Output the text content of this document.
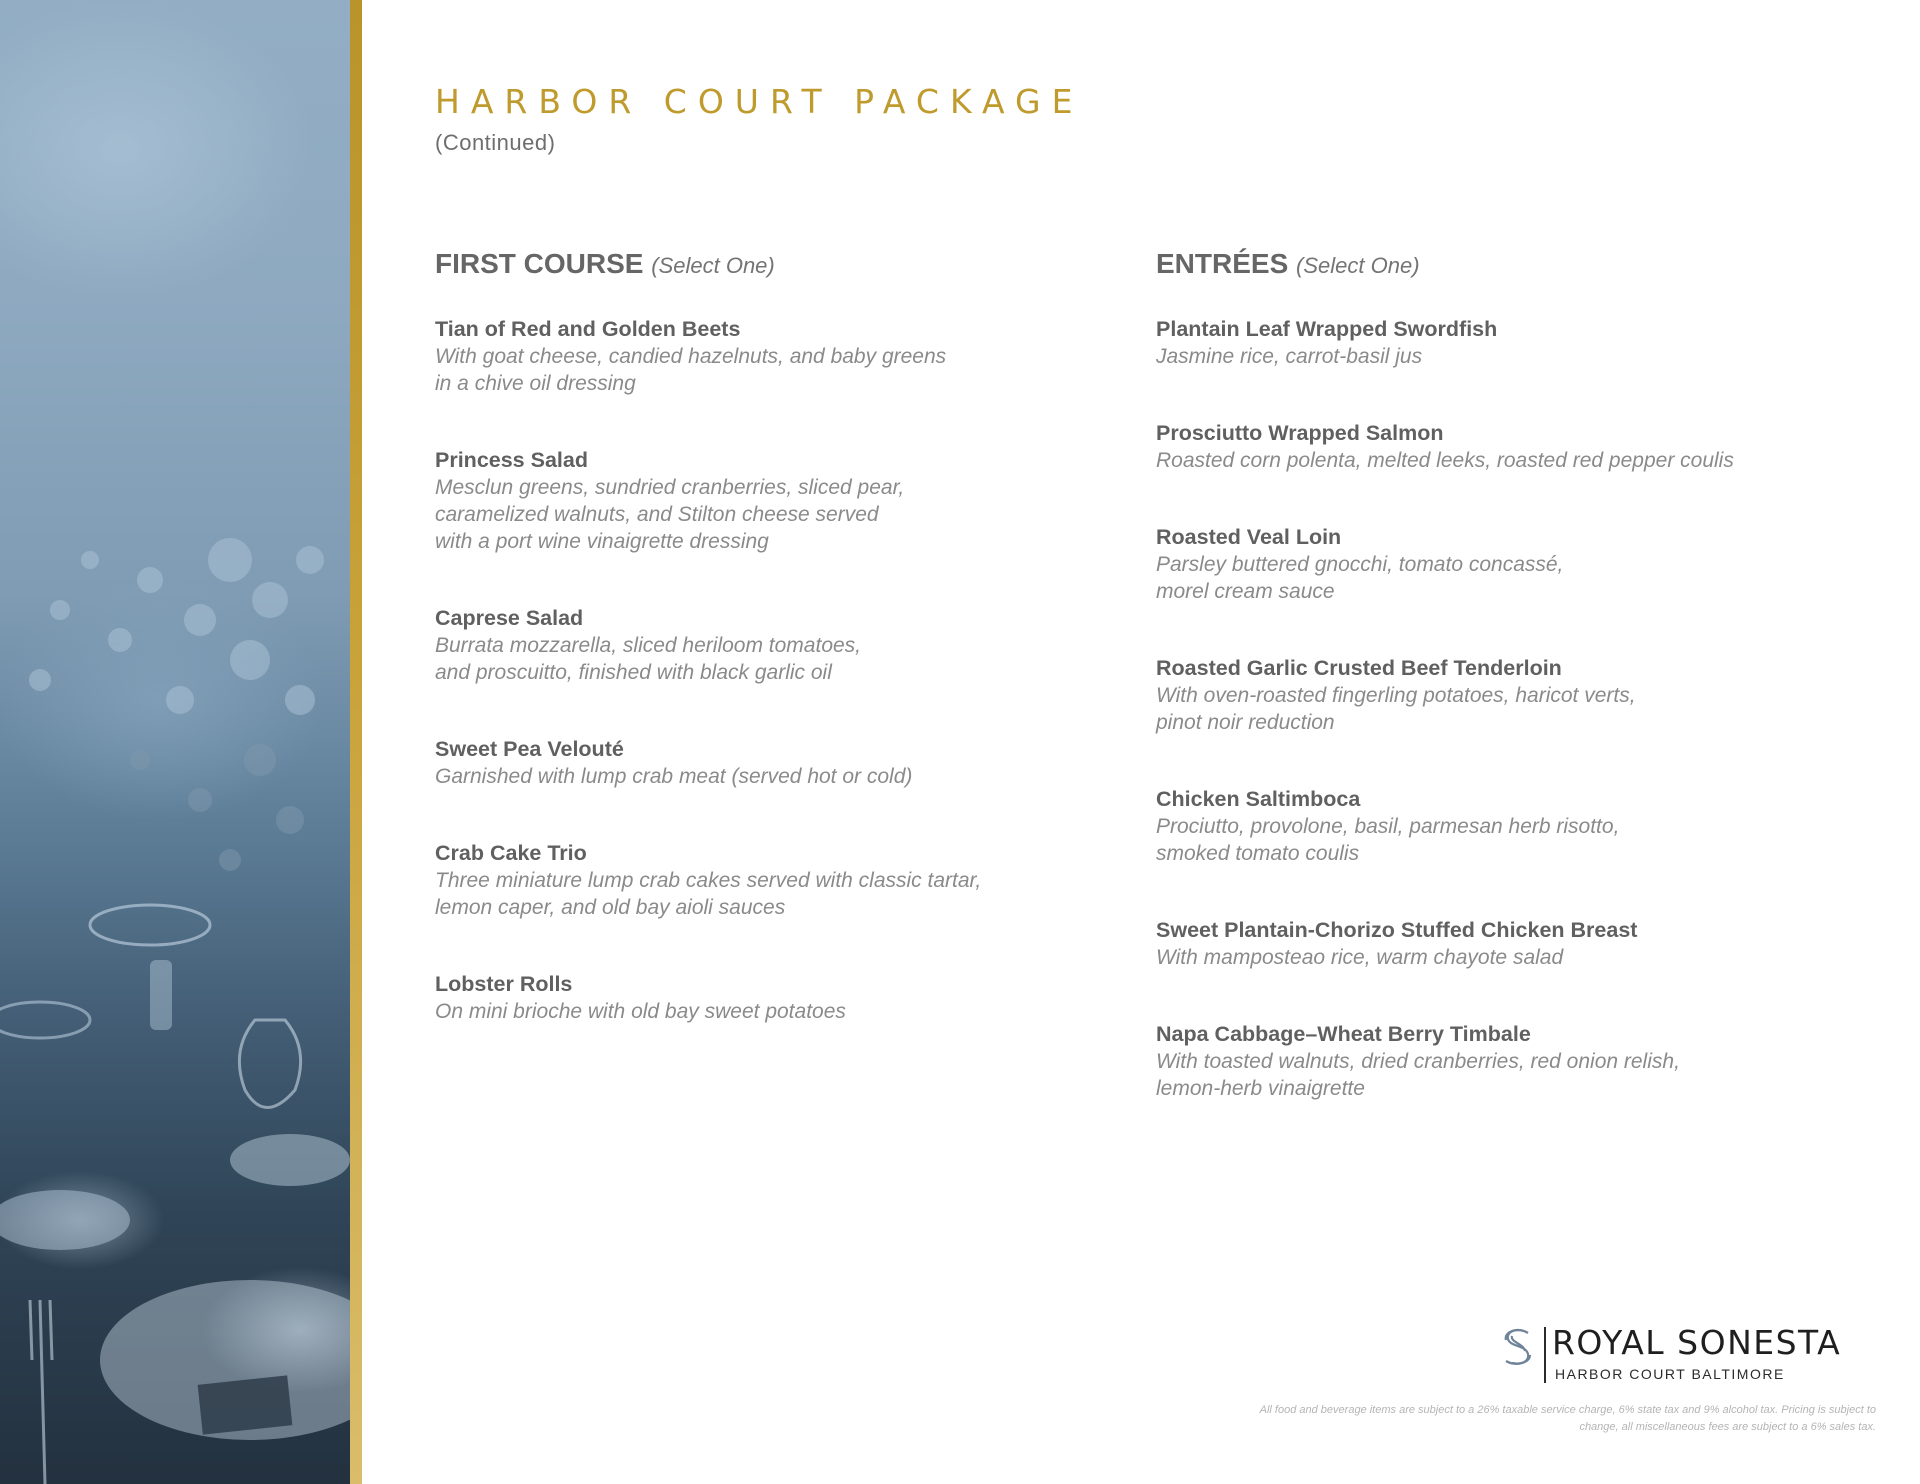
HARBOR COURT PACKAGE
(Continued)
FIRST COURSE (Select One)
Tian of Red and Golden Beets
With goat cheese, candied hazelnuts, and baby greens
in a chive oil dressing
Princess Salad
Mesclun greens, sundried cranberries, sliced pear,
caramelized walnuts, and Stilton cheese served
with a port wine vinaigrette dressing
Caprese Salad
Burrata mozzarella, sliced heriloom tomatoes,
and proscuitto, finished with black garlic oil
Sweet Pea Velouté
Garnished with lump crab meat (served hot or cold)
Crab Cake Trio
Three miniature lump crab cakes served with classic tartar,
lemon caper, and old bay aioli sauces
Lobster Rolls
On mini brioche with old bay sweet potatoes
ENTRÉES (Select One)
Plantain Leaf Wrapped Swordfish
Jasmine rice, carrot-basil jus
Prosciutto Wrapped Salmon
Roasted corn polenta, melted leeks, roasted red pepper coulis
Roasted Veal Loin
Parsley buttered gnocchi, tomato concassé,
morel cream sauce
Roasted Garlic Crusted Beef Tenderloin
With oven-roasted fingerling potatoes, haricot verts,
pinot noir reduction
Chicken Saltimboca
Prociutto, provolone, basil, parmesan herb risotto,
smoked tomato coulis
Sweet Plantain-Chorizo Stuffed Chicken Breast
With mamposteao rice, warm chayote salad
Napa Cabbage–Wheat Berry Timbale
With toasted walnuts, dried cranberries, red onion relish,
lemon-herb vinaigrette
ROYAL SONESTA
HARBOR COURT BALTIMORE
All food and beverage items are subject to a 26% taxable service charge, 6% state tax and 9% alcohol tax. Pricing is subject to change, all miscellaneous fees are subject to a 6% sales tax.
